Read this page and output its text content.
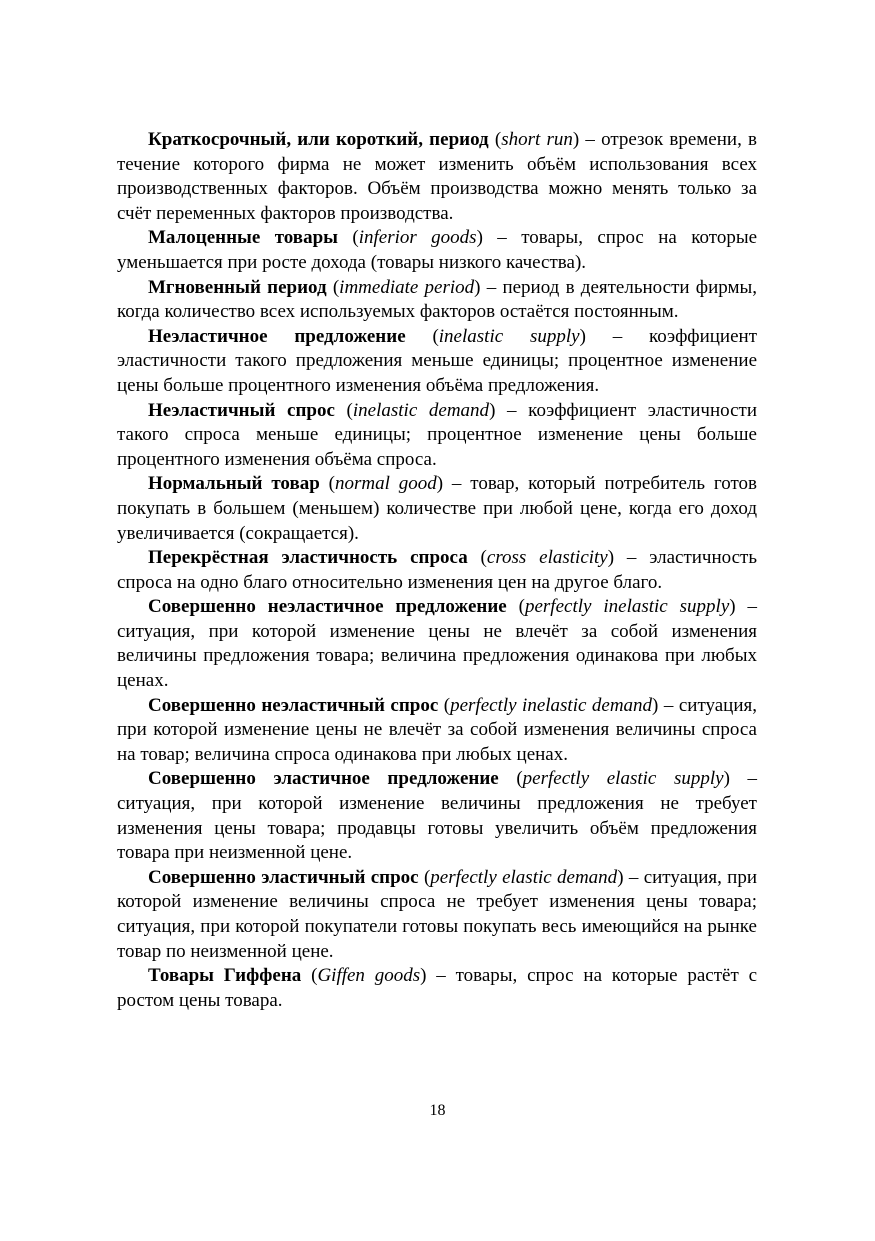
Краткосрочный, или короткий, период (short run) – отрезок времени, в течение которого фирма не может изменить объём использования всех производственных факторов. Объём производства можно менять только за счёт переменных факторов производства.

Малоценные товары (inferior goods) – товары, спрос на которые уменьшается при росте дохода (товары низкого качества).

Мгновенный период (immediate period) – период в деятельности фирмы, когда количество всех используемых факторов остаётся постоянным.

Неэластичное предложение (inelastic supply) – коэффициент эластичности такого предложения меньше единицы; процентное изменение цены больше процентного изменения объёма предложения.

Неэластичный спрос (inelastic demand) – коэффициент эластичности такого спроса меньше единицы; процентное изменение цены больше процентного изменения объёма спроса.

Нормальный товар (normal good) – товар, который потребитель готов покупать в большем (меньшем) количестве при любой цене, когда его доход увеличивается (сокращается).

Перекрёстная эластичность спроса (cross elasticity) – эластичность спроса на одно благо относительно изменения цен на другое благо.

Совершенно неэластичное предложение (perfectly inelastic supply) – ситуация, при которой изменение цены не влечёт за собой изменения величины предложения товара; величина предложения одинакова при любых ценах.

Совершенно неэластичный спрос (perfectly inelastic demand) – ситуация, при которой изменение цены не влечёт за собой изменения величины спроса на товар; величина спроса одинакова при любых ценах.

Совершенно эластичное предложение (perfectly elastic supply) – ситуация, при которой изменение величины предложения не требует изменения цены товара; продавцы готовы увеличить объём предложения товара при неизменной цене.

Совершенно эластичный спрос (perfectly elastic demand) – ситуация, при которой изменение величины спроса не требует изменения цены товара; ситуация, при которой покупатели готовы покупать весь имеющийся на рынке товар по неизменной цене.

Товары Гиффена (Giffen goods) – товары, спрос на которые растёт с ростом цены товара.

18
